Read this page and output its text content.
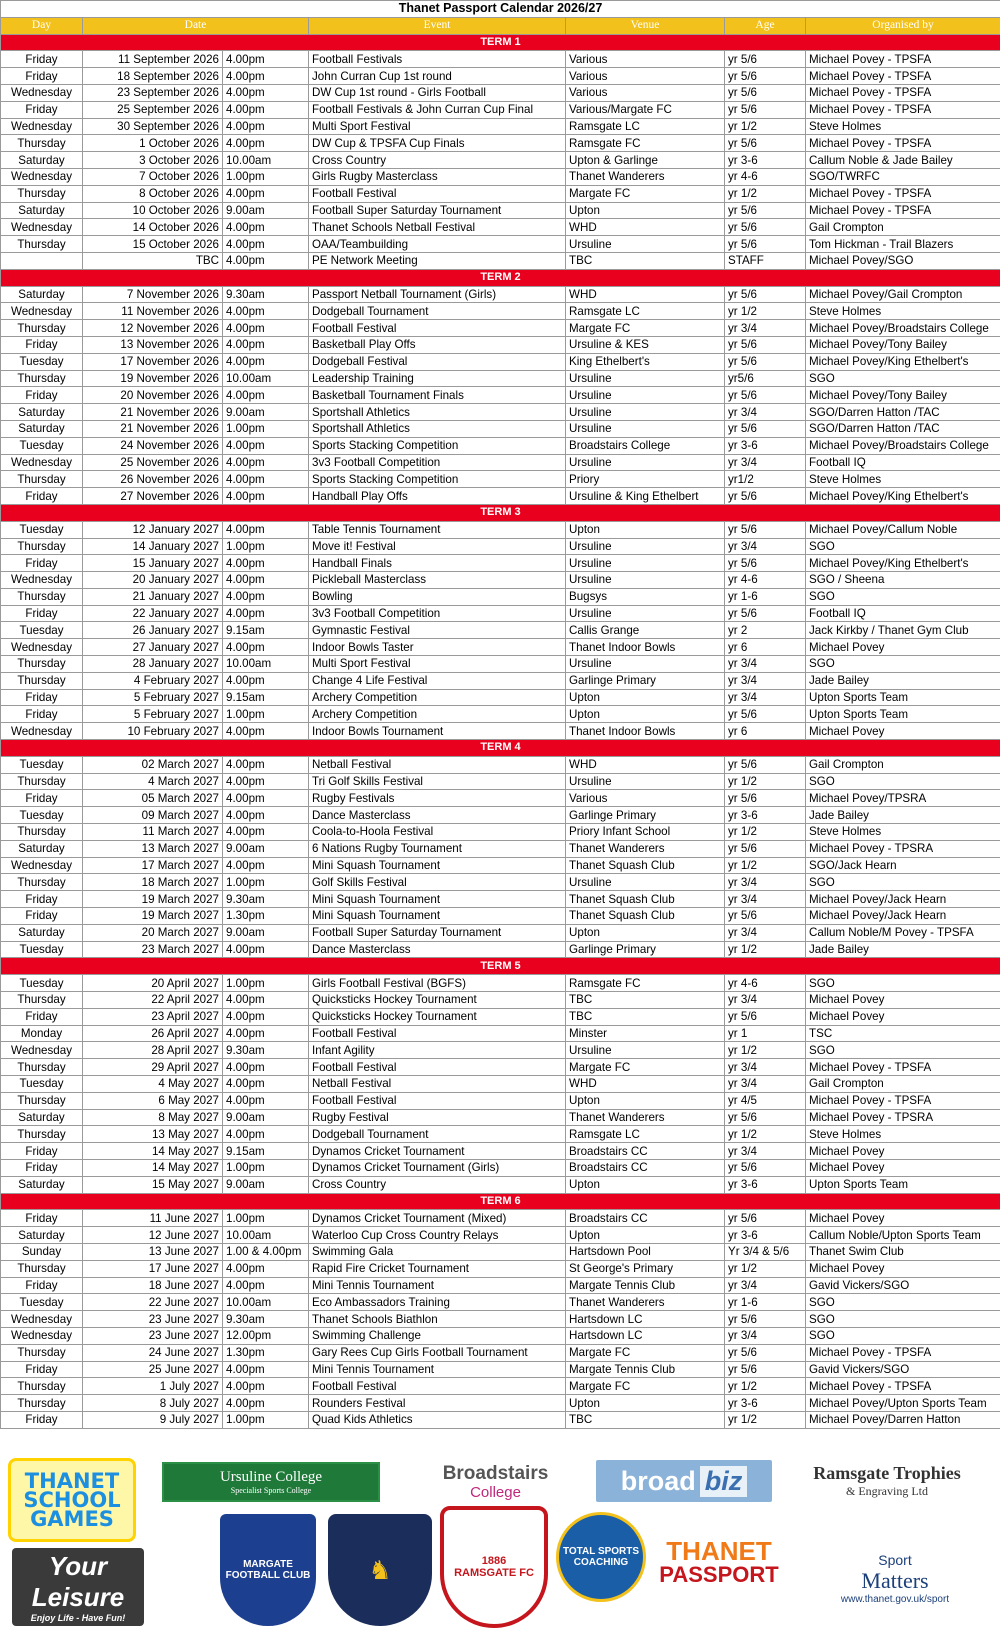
Thanet Passport Calendar 2026/27						
Day	Date		Event	Venue	Age	Organised by
TERM 1						
Friday	11 September 2026	4.00pm	Football Festivals	Various	yr 5/6	Michael Povey - TPSFA
Friday	18 September 2026	4.00pm	John Curran Cup 1st round	Various	yr 5/6	Michael Povey - TPSFA
Wednesday	23 September 2026	4.00pm	DW Cup 1st round - Girls Football	Various	yr 5/6	Michael Povey - TPSFA
Friday	25 September 2026	4.00pm	Football Festivals & John Curran Cup Final	Various/Margate FC	yr 5/6	Michael Povey - TPSFA
Wednesday	30 September 2026	4.00pm	Multi Sport Festival	Ramsgate LC	yr 1/2	Steve Holmes
Thursday	1 October 2026	4.00pm	DW Cup & TPSFA Cup Finals	Ramsgate FC	yr 5/6	Michael Povey - TPSFA
Saturday	3 October 2026	10.00am	Cross Country	Upton & Garlinge	yr 3-6	Callum Noble & Jade Bailey
Wednesday	7 October 2026	1.00pm	Girls Rugby Masterclass	Thanet Wanderers	yr 4-6	SGO/TWRFC
Thursday	8 October 2026	4.00pm	Football Festival	Margate FC	yr 1/2	Michael Povey - TPSFA
Saturday	10 October 2026	9.00am	Football Super Saturday Tournament	Upton	yr 5/6	Michael Povey - TPSFA
Wednesday	14 October 2026	4.00pm	Thanet Schools Netball Festival	WHD	yr 5/6	Gail Crompton
Thursday	15 October 2026	4.00pm	OAA/Teambuilding	Ursuline	yr 5/6	Tom Hickman - Trail Blazers
	TBC	4.00pm	PE Network Meeting	TBC	STAFF	Michael Povey/SGO
TERM 2						
Saturday	7 November 2026	9.30am	Passport Netball Tournament (Girls)	WHD	yr 5/6	Michael Povey/Gail Crompton
Wednesday	11 November 2026	4.00pm	Dodgeball Tournament	Ramsgate LC	yr 1/2	Steve Holmes
Thursday	12 November 2026	4.00pm	Football Festival	Margate FC	yr 3/4	Michael Povey/Broadstairs College
Friday	13 November 2026	4.00pm	Basketball Play Offs	Ursuline & KES	yr 5/6	Michael Povey/Tony Bailey
Tuesday	17 November 2026	4.00pm	Dodgeball Festival	King Ethelbert's	yr 5/6	Michael Povey/King Ethelbert's
Thursday	19 November 2026	10.00am	Leadership Training	Ursuline	yr5/6	SGO
Friday	20 November 2026	4.00pm	Basketball Tournament Finals	Ursuline	yr 5/6	Michael Povey/Tony Bailey
Saturday	21 November 2026	9.00am	Sportshall Athletics	Ursuline	yr 3/4	SGO/Darren Hatton /TAC
Saturday	21 November 2026	1.00pm	Sportshall Athletics	Ursuline	yr 5/6	SGO/Darren Hatton /TAC
Tuesday	24 November 2026	4.00pm	Sports Stacking Competition	Broadstairs College	yr 3-6	Michael Povey/Broadstairs College
Wednesday	25 November 2026	4.00pm	3v3 Football Competition	Ursuline	yr 3/4	Football IQ
Thursday	26 November 2026	4.00pm	Sports Stacking Competition	Priory	yr1/2	Steve Holmes
Friday	27 November 2026	4.00pm	Handball Play Offs	Ursuline & King Ethelbert	yr 5/6	Michael Povey/King Ethelbert's
TERM 3						
Tuesday	12 January 2027	4.00pm	Table Tennis Tournament	Upton	yr 5/6	Michael Povey/Callum Noble
Thursday	14 January 2027	1.00pm	Move it! Festival	Ursuline	yr 3/4	SGO
Friday	15 January 2027	4.00pm	Handball Finals	Ursuline	yr 5/6	Michael Povey/King Ethelbert's
Wednesday	20 January 2027	4.00pm	Pickleball Masterclass	Ursuline	yr 4-6	SGO / Sheena
Thursday	21 January 2027	4.00pm	Bowling	Bugsys	yr 1-6	SGO
Friday	22 January 2027	4.00pm	3v3 Football Competition	Ursuline	yr 5/6	Football IQ
Tuesday	26 January 2027	9.15am	Gymnastic Festival	Callis Grange	yr 2	Jack Kirkby / Thanet Gym Club
Wednesday	27 January 2027	4.00pm	Indoor Bowls Taster	Thanet Indoor Bowls	yr 6	Michael Povey
Thursday	28 January 2027	10.00am	Multi Sport Festival	Ursuline	yr 3/4	SGO
Thursday	4 February 2027	4.00pm	Change 4 Life Festival	Garlinge Primary	yr 3/4	Jade Bailey
Friday	5 February 2027	9.15am	Archery Competition	Upton	yr 3/4	Upton Sports Team
Friday	5 February 2027	1.00pm	Archery Competition	Upton	yr 5/6	Upton Sports Team
Wednesday	10 February 2027	4.00pm	Indoor Bowls Tournament	Thanet Indoor Bowls	yr 6	Michael Povey
TERM 4						
Tuesday	02 March 2027	4.00pm	Netball Festival	WHD	yr 5/6	Gail Crompton
Thursday	4 March 2027	4.00pm	Tri Golf Skills Festival	Ursuline	yr 1/2	SGO
Friday	05 March 2027	4.00pm	Rugby Festivals	Various	yr 5/6	Michael Povey/TPSRA
Tuesday	09 March 2027	4.00pm	Dance Masterclass	Garlinge Primary	yr 3-6	Jade Bailey
Thursday	11 March 2027	4.00pm	Coola-to-Hoola Festival	Priory Infant School	yr 1/2	Steve Holmes
Saturday	13 March 2027	9.00am	6 Nations Rugby Tournament	Thanet Wanderers	yr 5/6	Michael Povey - TPSRA
Wednesday	17 March 2027	4.00pm	Mini Squash Tournament	Thanet Squash Club	yr 1/2	SGO/Jack Hearn
Thursday	18 March 2027	1.00pm	Golf Skills Festival	Ursuline	yr 3/4	SGO
Friday	19 March 2027	9.30am	Mini Squash Tournament	Thanet Squash Club	yr 3/4	Michael Povey/Jack Hearn
Friday	19 March 2027	1.30pm	Mini Squash Tournament	Thanet Squash Club	yr 5/6	Michael Povey/Jack Hearn
Saturday	20 March 2027	9.00am	Football Super Saturday Tournament	Upton	yr 3/4	Callum Noble/M Povey - TPSFA
Tuesday	23 March 2027	4.00pm	Dance Masterclass	Garlinge Primary	yr 1/2	Jade Bailey
TERM 5						
Tuesday	20 April 2027	1.00pm	Girls Football Festival (BGFS)	Ramsgate FC	yr 4-6	SGO
Thursday	22 April 2027	4.00pm	Quicksticks Hockey Tournament	TBC	yr 3/4	Michael Povey
Friday	23 April 2027	4.00pm	Quicksticks Hockey Tournament	TBC	yr 5/6	Michael Povey
Monday	26 April 2027	4.00pm	Football Festival	Minster	yr 1	TSC
Wednesday	28 April 2027	9.30am	Infant Agility	Ursuline	yr 1/2	SGO
Thursday	29 April 2027	4.00pm	Football Festival	Margate FC	yr 3/4	Michael Povey - TPSFA
Tuesday	4 May 2027	4.00pm	Netball Festival	WHD	yr 3/4	Gail Crompton
Thursday	6 May 2027	4.00pm	Football Festival	Upton	yr 4/5	Michael Povey - TPSFA
Saturday	8 May 2027	9.00am	Rugby Festival	Thanet Wanderers	yr 5/6	Michael Povey - TPSRA
Thursday	13 May 2027	4.00pm	Dodgeball Tournament	Ramsgate LC	yr 1/2	Steve Holmes
Friday	14 May 2027	9.15am	Dynamos Cricket Tournament	Broadstairs CC	yr 3/4	Michael Povey
Friday	14 May 2027	1.00pm	Dynamos Cricket Tournament (Girls)	Broadstairs CC	yr 5/6	Michael Povey
Saturday	15 May 2027	9.00am	Cross Country	Upton	yr 3-6	Upton Sports Team
TERM 6						
Friday	11 June 2027	1.00pm	Dynamos Cricket Tournament (Mixed)	Broadstairs CC	yr 5/6	Michael Povey
Saturday	12 June 2027	10.00am	Waterloo Cup Cross Country Relays	Upton	yr 3-6	Callum Noble/Upton Sports Team
Sunday	13 June 2027	1.00 & 4.00pm	Swimming Gala	Hartsdown Pool	Yr 3/4 & 5/6	Thanet Swim Club
Thursday	17 June 2027	4.00pm	Rapid Fire Cricket Tournament	St George's Primary	yr 1/2	Michael Povey
Friday	18 June 2027	4.00pm	Mini Tennis Tournament	Margate Tennis Club	yr 3/4	Gavid Vickers/SGO
Tuesday	22 June 2027	10.00am	Eco Ambassadors Training	Thanet Wanderers	yr 1-6	SGO
Wednesday	23 June 2027	9.30am	Thanet Schools Biathlon	Hartsdown LC	yr 5/6	SGO
Wednesday	23 June 2027	12.00pm	Swimming Challenge	Hartsdown LC	yr 3/4	SGO
Thursday	24 June 2027	1.30pm	Gary Rees Cup Girls Football Tournament	Margate FC	yr 5/6	Michael Povey - TPSFA
Friday	25 June 2027	4.00pm	Mini Tennis Tournament	Margate Tennis Club	yr 5/6	Gavid Vickers/SGO
Thursday	1 July 2027	4.00pm	Football Festival	Margate FC	yr 1/2	Michael Povey - TPSFA
Thursday	8 July 2027	4.00pm	Rounders Festival	Upton	yr 3-6	Michael Povey/Upton Sports Team
Friday	9 July 2027	1.00pm	Quad Kids Athletics	TBC	yr 1/2	Michael Povey/Darren Hatton
THANET SCHOOL GAMES
Ursuline College
Specialist Sports College
Broadstairs
College	broad biz	Ramsgate Trophies
& Engraving Ltd
Your Leisure
Enjoy Life - Have Fun!
MARGATE FOOTBALL CLUB	♞	1886
RAMSGATE FC
TOTAL SPORTS COACHING	THANET
PASSPORT
Sport
Matters
www.thanet.gov.uk/sport
